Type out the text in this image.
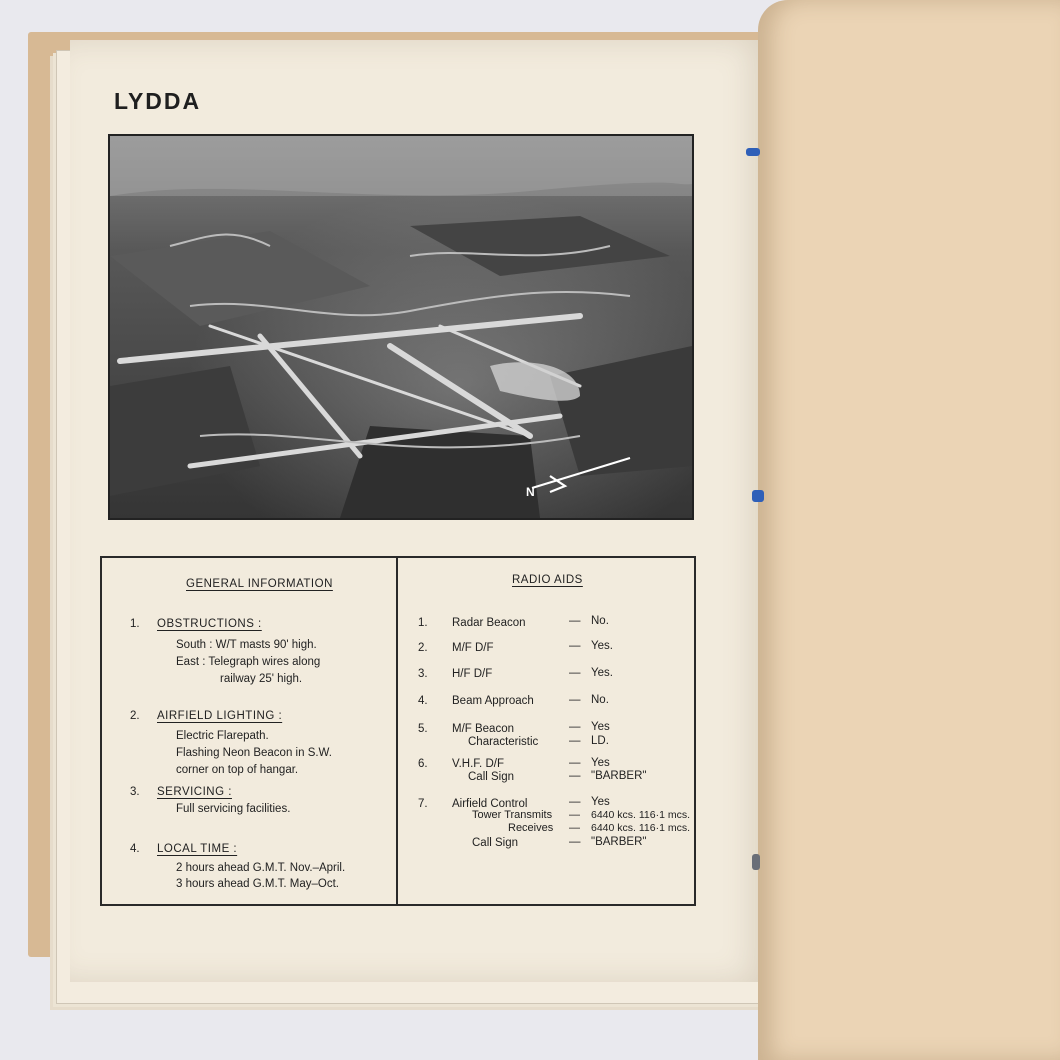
LYDDA
N
GENERAL INFORMATION
1. OBSTRUCTIONS :
South : W/T masts 90' high.
East : Telegraph wires along
railway 25' high.
2. AIRFIELD LIGHTING :
Electric Flarepath.
Flashing Neon Beacon in S.W.
corner on top of hangar.
3. SERVICING :
Full servicing facilities.
4. LOCAL TIME :
2 hours ahead G.M.T. Nov.–April.
3 hours ahead G.M.T. May–Oct.
RADIO AIDS
1. Radar Beacon	— No.
2. M/F D/F	— Yes.
3. H/F D/F	— Yes.
4. Beam Approach	— No.
5. M/F Beacon	— Yes
Characteristic	— LD.
6. V.H.F. D/F	— Yes
Call Sign	— "BARBER"
7. Airfield Control	— Yes
Tower Transmits — 6440 kcs. 116·1 mcs.
Receives — 6440 kcs. 116·1 mcs.
Call Sign	— "BARBER"
